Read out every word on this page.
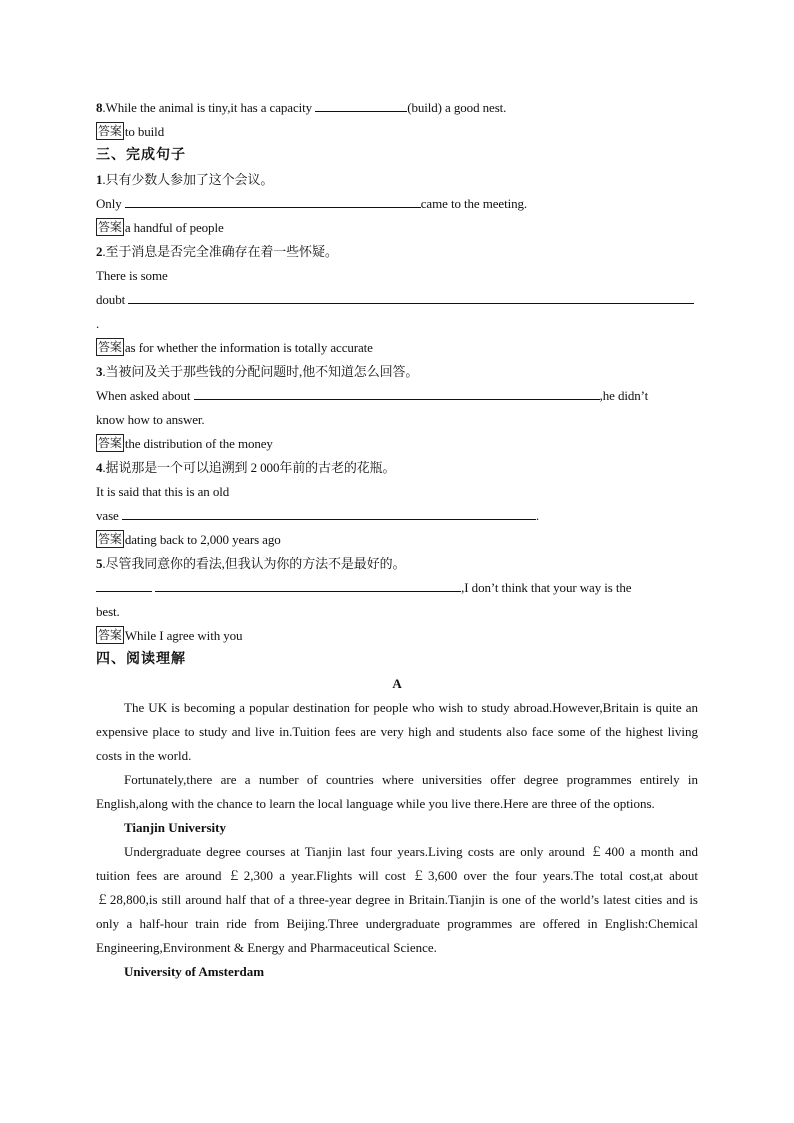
8.While the animal is tiny,it has a capacity	(build) a good nest.
答案 to build
三、完成句子
1.只有少数人参加了这个会议。
Only	came to the meeting.
答案 a handful of people
2.至于消息是否完全准确存在着一些怀疑。
There is some
doubt
.
答案 as for whether the information is totally accurate
3.当被问及关于那些钱的分配问题时,他不知道怎么回答。
When asked about	,he didn’t
know how to answer.
答案 the distribution of the money
4.据说那是一个可以追溯到 2 000年前的古老的花瓶。
It is said that this is an old
vase	.
答案 dating back to 2,000 years ago
5.尽管我同意你的看法,但我认为你的方法不是最好的。
,I don’t think that your way is the
best.
答案 While I agree with you
四、阅读理解
A

The UK is becoming a popular destination for people who wish to study abroad.However,Britain is quite an expensive place to study and live in.Tuition fees are very high and students also face some of the highest living costs in the world.

Fortunately,there are a number of countries where universities offer degree programmes entirely in English,along with the chance to learn the local language while you live there.Here are three of the options.

Tianjin University

Undergraduate degree courses at Tianjin last four years.Living costs are only around ￡400 a month and tuition fees are around ￡2,300 a year.Flights will cost ￡3,600 over the four years.The total cost,at about ￡28,800,is still around half that of a three-year degree in Britain.Tianjin is one of the world’s latest cities and is only a half-hour train ride from Beijing.Three undergraduate programmes are offered in English:Chemical Engineering,Environment & Energy and Pharmaceutical Science.

University of Amsterdam
